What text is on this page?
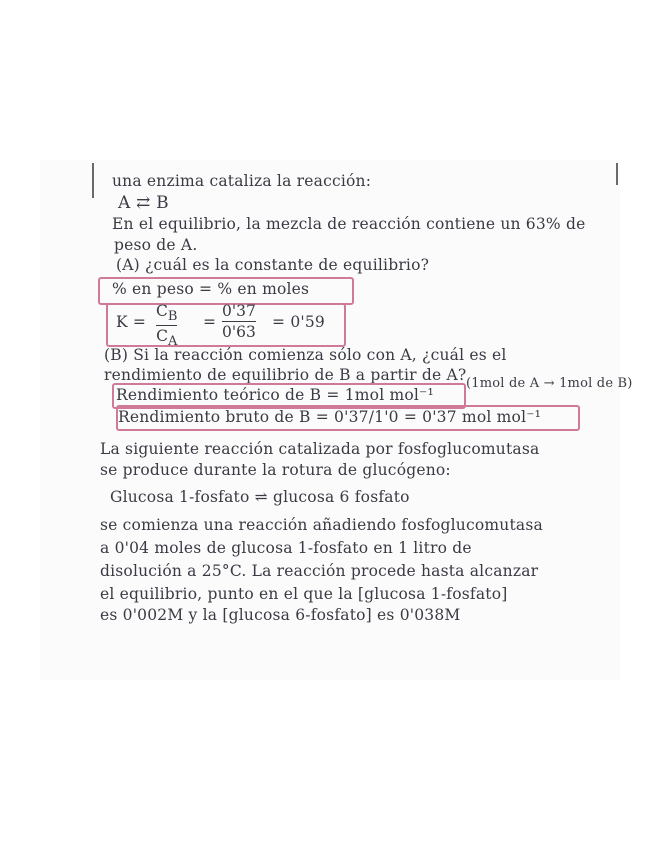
una enzima cataliza la reacción:

A ⇄ B

En el equilibrio, la mezcla de reacción contiene un 63% de

peso de A.

(A) ¿cuál es la constante de equilibrio?

% en peso = % en moles

K =

$C_B$
$C_A$

=

0'37
0'63

= 0'59

(B) Si la reacción comienza sólo con A, ¿cuál es el

rendimiento de equilibrio de B a partir de A?

Rendimiento teórico de B = 1mol mol⁻¹

(1mol de A → 1mol de B)

Rendimiento bruto de B = 0'37/1'0 = 0'37 mol mol⁻¹

La siguiente reacción catalizada por fosfoglucomutasa

se produce durante la rotura de glucógeno:

Glucosa 1-fosfato ⇌ glucosa 6 fosfato

se comienza una reacción añadiendo fosfoglucomutasa

a 0'04 moles de glucosa 1-fosfato en 1 litro de

disolución a 25°C. La reacción procede hasta alcanzar

el equilibrio, punto en el que la [glucosa 1-fosfato]

es 0'002M y la [glucosa 6-fosfato] es 0'038M
